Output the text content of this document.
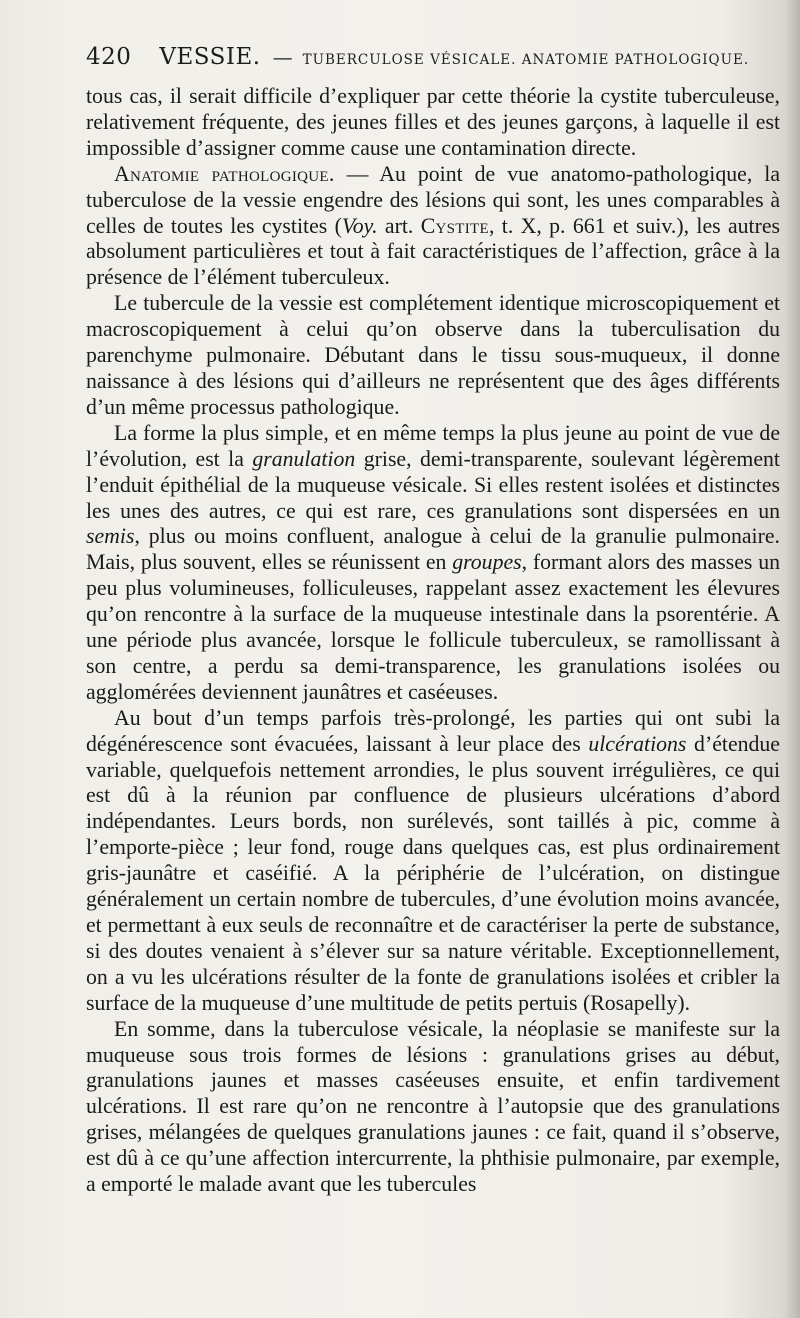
420 VESSIE. — TUBERCULOSE VÉSICALE. ANATOMIE PATHOLOGIQUE.

tous cas, il serait difficile d’expliquer par cette théorie la cystite tuberculeuse, relativement fréquente, des jeunes filles et des jeunes garçons, à laquelle il est impossible d’assigner comme cause une contamination directe.

Anatomie pathologique. — Au point de vue anatomo-pathologique, la tuberculose de la vessie engendre des lésions qui sont, les unes comparables à celles de toutes les cystites (Voy. art. Cystite, t. X, p. 661 et suiv.), les autres absolument particulières et tout à fait caractéristiques de l’affection, grâce à la présence de l’élément tuberculeux.

Le tubercule de la vessie est complétement identique microscopiquement et macroscopiquement à celui qu’on observe dans la tuberculisation du parenchyme pulmonaire. Débutant dans le tissu sous-muqueux, il donne naissance à des lésions qui d’ailleurs ne représentent que des âges différents d’un même processus pathologique.

La forme la plus simple, et en même temps la plus jeune au point de vue de l’évolution, est la granulation grise, demi-transparente, soulevant légèrement l’enduit épithélial de la muqueuse vésicale. Si elles restent isolées et distinctes les unes des autres, ce qui est rare, ces granulations sont dispersées en un semis, plus ou moins confluent, analogue à celui de la granulie pulmonaire. Mais, plus souvent, elles se réunissent en groupes, formant alors des masses un peu plus volumineuses, folliculeuses, rappelant assez exactement les élevures qu’on rencontre à la surface de la muqueuse intestinale dans la psorentérie. A une période plus avancée, lorsque le follicule tuberculeux, se ramollissant à son centre, a perdu sa demi-transparence, les granulations isolées ou agglomérées deviennent jaunâtres et caséeuses.

Au bout d’un temps parfois très-prolongé, les parties qui ont subi la dégénérescence sont évacuées, laissant à leur place des ulcérations d’étendue variable, quelquefois nettement arrondies, le plus souvent irrégulières, ce qui est dû à la réunion par confluence de plusieurs ulcérations d’abord indépendantes. Leurs bords, non surélevés, sont taillés à pic, comme à l’emporte-pièce ; leur fond, rouge dans quelques cas, est plus ordinairement gris-jaunâtre et caséifié. A la périphérie de l’ulcération, on distingue généralement un certain nombre de tubercules, d’une évolution moins avancée, et permettant à eux seuls de reconnaître et de caractériser la perte de substance, si des doutes venaient à s’élever sur sa nature véritable. Exceptionnellement, on a vu les ulcérations résulter de la fonte de granulations isolées et cribler la surface de la muqueuse d’une multitude de petits pertuis (Rosapelly).

En somme, dans la tuberculose vésicale, la néoplasie se manifeste sur la muqueuse sous trois formes de lésions : granulations grises au début, granulations jaunes et masses caséeuses ensuite, et enfin tardivement ulcérations. Il est rare qu’on ne rencontre à l’autopsie que des granulations grises, mélangées de quelques granulations jaunes : ce fait, quand il s’observe, est dû à ce qu’une affection intercurrente, la phthisie pulmonaire, par exemple, a emporté le malade avant que les tubercules
